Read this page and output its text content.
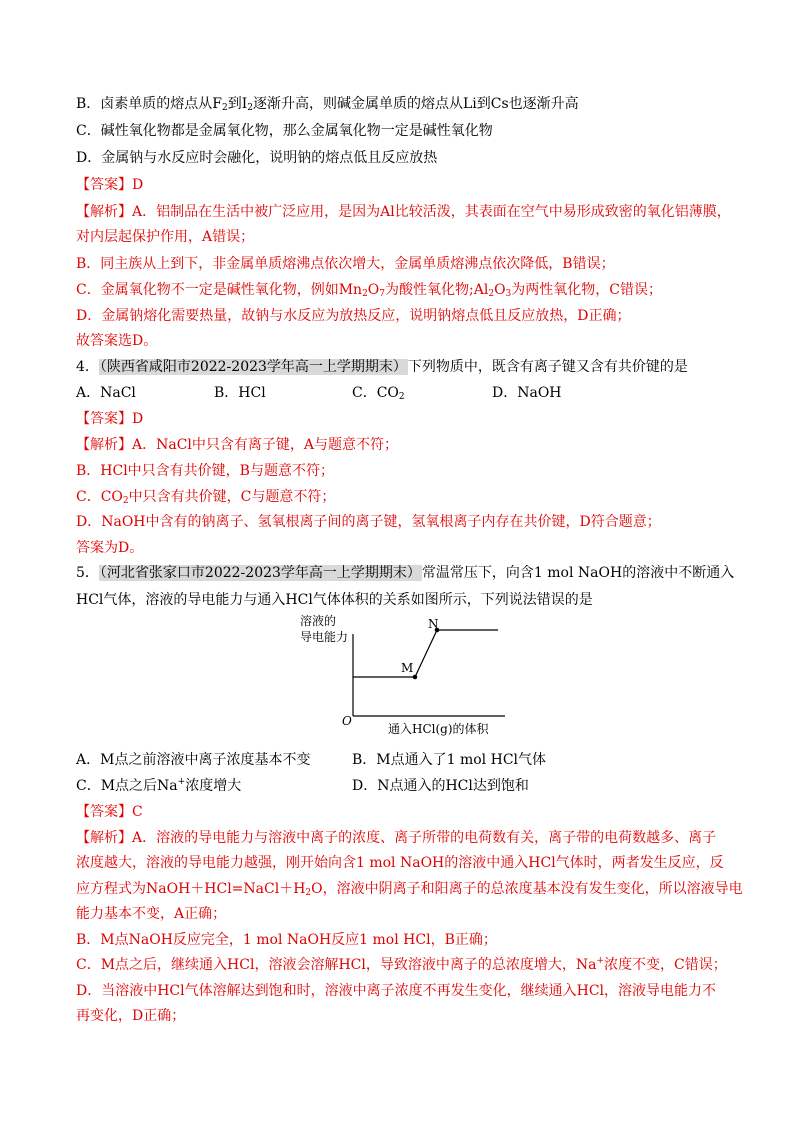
B．卤素单质的熔点从$F_2$到$I_2$逐渐升高，则碱金属单质的熔点从Li到Cs也逐渐升高
C．碱性氧化物都是金属氧化物，那么金属氧化物一定是碱性氧化物
D．金属钠与水反应时会融化，说明钠的熔点低且反应放热
【答案】D
【解析】A．铝制品在生活中被广泛应用，是因为Al比较活泼，其表面在空气中易形成致密的氧化铝薄膜，
对内层起保护作用，A错误；
B．同主族从上到下，非金属单质熔沸点依次增大，金属单质熔沸点依次降低，B错误；
C．金属氧化物不一定是碱性氧化物，例如$Mn_2O_7$为酸性氧化物$;Al_2O_3$为两性氧化物，C错误；
D．金属钠熔化需要热量，故钠与水反应为放热反应，说明钠熔点低且反应放热，D正确；
故答案选D。
4．（陕西省咸阳市2022-2023学年高一上学期期末）下列物质中，既含有离子键又含有共价键的是
A．NaCl	B．HCl	C．$CO_2$	D．NaOH
【答案】D
【解析】A．NaCl中只含有离子键，A与题意不符；
B．HCl中只含有共价键，B与题意不符；
C．$CO_2$中只含有共价键，C与题意不符；
D．NaOH中含有的钠离子、氢氧根离子间的离子键，氢氧根离子内存在共价键，D符合题意；
答案为D。
5．（河北省张家口市2022-2023学年高一上学期期末）常温常压下，向含1 mol NaOH的溶液中不断通入
HCl气体，溶液的导电能力与通入HCl气体体积的关系如图所示，下列说法错误的是
溶液的
导电能力
O
M
N
通入HCl(g)的体积
A．M点之前溶液中离子浓度基本不变	B．M点通入了1 mol HCl气体
C．M点之后Na+浓度增大	D．N点通入的HCl达到饱和
【答案】C
【解析】A．溶液的导电能力与溶液中离子的浓度、离子所带的电荷数有关，离子带的电荷数越多、离子
浓度越大，溶液的导电能力越强，刚开始向含1 mol NaOH的溶液中通入HCl气体时，两者发生反应，反
应方程式为$NaOH+HCl=NaCl+H_2O$，溶液中阴离子和阳离子的总浓度基本没有发生变化，所以溶液导电
能力基本不变，A正确；
B．M点NaOH反应完全，1 mol NaOH反应1 mol HCl，B正确；
C．M点之后，继续通入HCl，溶液会溶解HCl，导致溶液中离子的总浓度增大，Na+浓度不变，C错误；
D．当溶液中HCl气体溶解达到饱和时，溶液中离子浓度不再发生变化，继续通入HCl，溶液导电能力不
再变化，D正确；
